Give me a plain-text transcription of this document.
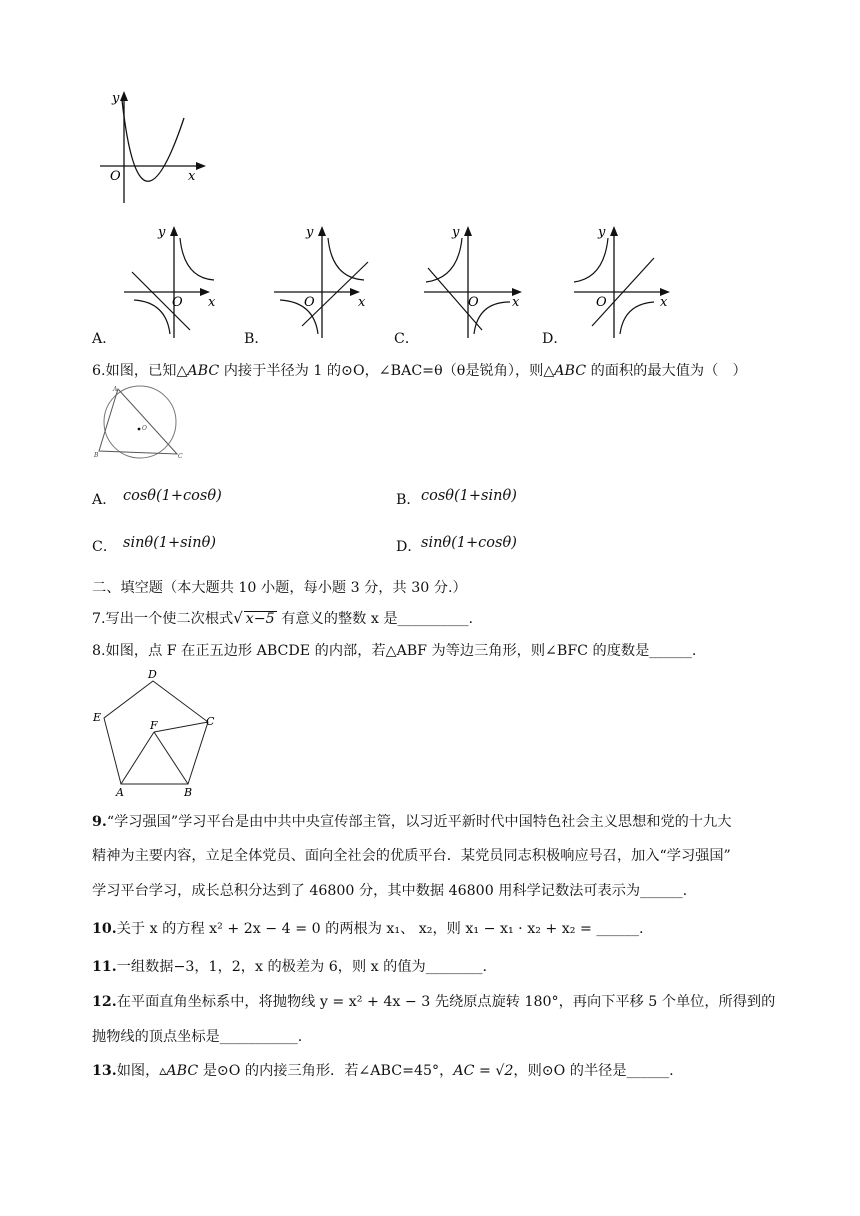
y
O	x
y
O x
y
O	x
y
O	x
y
O	x
A．	B．	C．	D．
6.如图，已知△ABC 内接于半径为 1 的⊙O，∠BAC=θ（θ是锐角），则△ABC 的面积的最大值为（　）
A
B	C
O
A． cosθ(1+cosθ)	B． cosθ(1+sinθ)
C． sinθ(1+sinθ)	D． sinθ(1+cosθ)
二、填空题（本大题共 10 小题，每小题 3 分，共 30 分.）
7.写出一个使二次根式√ x−5 有意义的整数 x 是__________.
8.如图，点 F 在正五边形 ABCDE 的内部，若△ABF 为等边三角形，则∠BFC 的度数是______.
D
E	C
F
A	B
9.“学习强国”学习平台是由中共中央宣传部主管，以习近平新时代中国特色社会主义思想和党的十九大
精神为主要内容，立足全体党员、面向全社会的优质平台．某党员同志积极响应号召，加入“学习强国”
学习平台学习，成长总积分达到了 46800 分，其中数据 46800 用科学记数法可表示为______.
10.关于 x 的方程 x² + 2x − 4 = 0 的两根为 x₁、 x₂，则 x₁ − x₁ · x₂ + x₂ = ______.
11.一组数据−3，1，2，x 的极差为 6，则 x 的值为________.
12.在平面直角坐标系中，将抛物线 y = x² + 4x − 3 先绕原点旋转 180°，再向下平移 5 个单位，所得到的
抛物线的顶点坐标是___________.
13.如图，▵ABC 是⊙O 的内接三角形．若∠ABC=45°，AC = √2，则⊙O 的半径是______.
